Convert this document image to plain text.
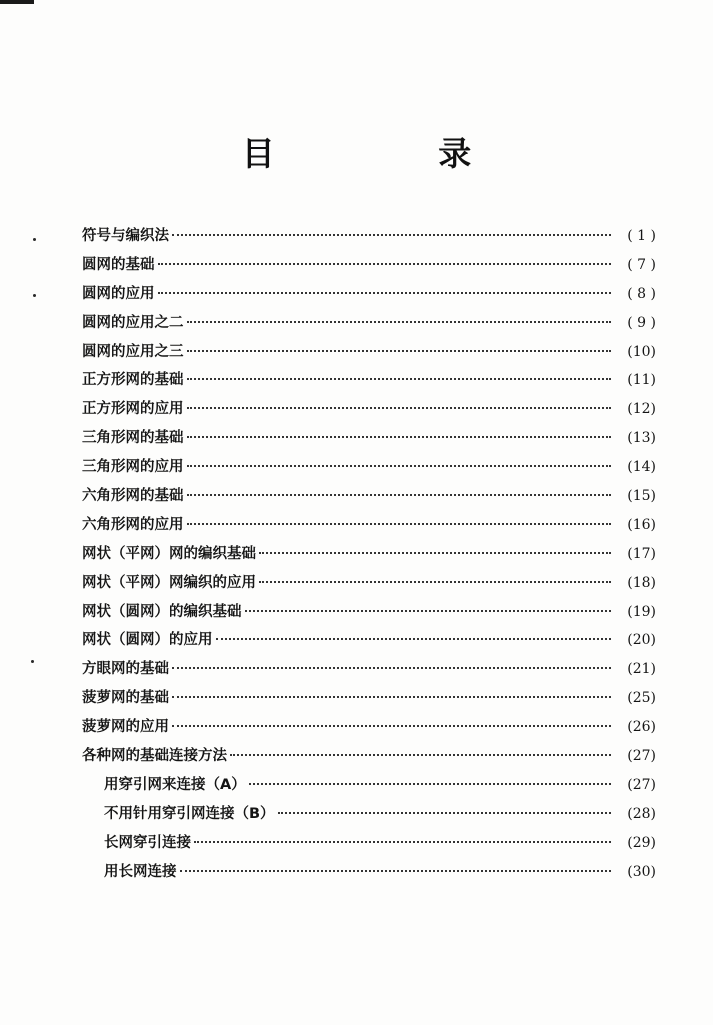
目 录
符号与编织法	( 1 )
圆网的基础	( 7 )
圆网的应用	( 8 )
圆网的应用之二	( 9 )
圆网的应用之三	(10)
正方形网的基础	(11)
正方形网的应用	(12)
三角形网的基础	(13)
三角形网的应用	(14)
六角形网的基础	(15)
六角形网的应用	(16)
网状（平网）网的编织基础	(17)
网状（平网）网编织的应用	(18)
网状（圆网）的编织基础	(19)
网状（圆网）的应用	(20)
方眼网的基础	(21)
菠萝网的基础	(25)
菠萝网的应用	(26)
各种网的基础连接方法	(27)
用穿引网来连接（A）	(27)
不用针用穿引网连接（B）	(28)
长网穿引连接	(29)
用长网连接	(30)
